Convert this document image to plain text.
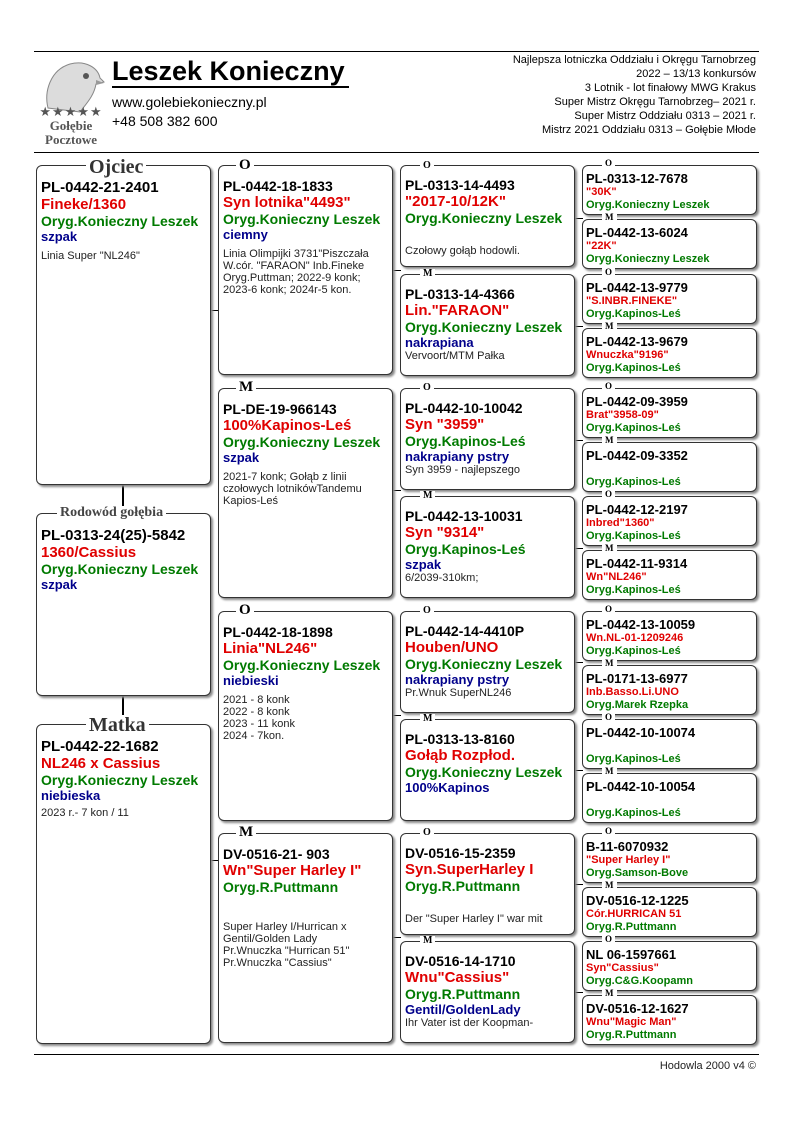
★★★★★
Gołębie
Pocztowe
Leszek Konieczny
www.golebiekonieczny.pl
+48 508 382 600
Najlepsza lotniczka Oddziału i Okręgu Tarnobrzeg
2022 – 13/13 konkursów
3 Lotnik - lot finałowy MWG Krakus
Super Mistrz Okręgu Tarnobrzeg– 2021 r.
Super Mistrz Oddziału 0313 – 2021 r.
Mistrz 2021 Oddziału 0313 – Gołębie Młode
PL-0442-21-2401
Fineke/1360
Oryg.Konieczny Leszek
szpak
Linia Super "NL246"
Ojciec
PL-0313-24(25)-5842
1360/Cassius
Oryg.Konieczny Leszek
szpak
Rodowód gołębia
PL-0442-22-1682
NL246 x Cassius
Oryg.Konieczny Leszek
niebieska
2023 r.- 7 kon / 11
Matka
PL-0442-18-1833
Syn lotnika"4493"
Oryg.Konieczny Leszek
ciemny
Linia Olimpijki 3731"Piszczała
W.cór. "FARAON" Inb.Fineke
Oryg.Puttman; 2022-9 konk;
2023-6 konk; 2024r-5 kon.
O
PL-DE-19-966143
100%Kapinos-Leś
Oryg.Konieczny Leszek
szpak
2021-7 konk; Gołąb z linii
czołowych lotnikówTandemu
Kapios-Leś
M
PL-0442-18-1898
Linia"NL246"
Oryg.Konieczny Leszek
niebieski
2021 - 8 konk
2022 - 8 konk
2023 - 11 konk
2024 - 7kon.
O
DV-0516-21- 903
Wn"Super Harley I"
Oryg.R.Puttmann
Super Harley I/Hurrican x
Gentil/Golden Lady
Pr.Wnuczka "Hurrican 51"
Pr.Wnuczka "Cassius"
M
PL-0313-14-4493
"2017-10/12K"
Oryg.Konieczny Leszek
Czołowy gołąb hodowli.
O
PL-0313-14-4366
Lin."FARAON"
Oryg.Konieczny Leszek
nakrapiana
Vervoort/MTM Pałka
M
PL-0442-10-10042
Syn "3959"
Oryg.Kapinos-Leś
nakrapiany pstry
Syn 3959 - najlepszego
O
PL-0442-13-10031
Syn "9314"
Oryg.Kapinos-Leś
szpak
6/2039-310km;
M
PL-0442-14-4410P
Houben/UNO
Oryg.Konieczny Leszek
nakrapiany pstry
Pr.Wnuk SuperNL246
O
PL-0313-13-8160
Gołąb Rozpłod.
Oryg.Konieczny Leszek
100%Kapinos
M
DV-0516-15-2359
Syn.SuperHarley I
Oryg.R.Puttmann
Der "Super Harley I" war mit
O
DV-0516-14-1710
Wnu"Cassius"
Oryg.R.Puttmann
Gentil/GoldenLady
Ihr Vater ist der Koopman-
M
PL-0313-12-7678
"30K"
Oryg.Konieczny Leszek
O
PL-0442-13-6024
"22K"
Oryg.Konieczny Leszek
M
PL-0442-13-9779
"S.INBR.FINEKE"
Oryg.Kapinos-Leś
O
PL-0442-13-9679
Wnuczka"9196"
Oryg.Kapinos-Leś
M
PL-0442-09-3959
Brat"3958-09"
Oryg.Kapinos-Leś
O
PL-0442-09-3352
Oryg.Kapinos-Leś
M
PL-0442-12-2197
Inbred"1360"
Oryg.Kapinos-Leś
O
PL-0442-11-9314
Wn"NL246"
Oryg.Kapinos-Leś
M
PL-0442-13-10059
Wn.NL-01-1209246
Oryg.Kapinos-Leś
O
PL-0171-13-6977
Inb.Basso.Li.UNO
Oryg.Marek Rzepka
M
PL-0442-10-10074
Oryg.Kapinos-Leś
O
PL-0442-10-10054
Oryg.Kapinos-Leś
M
B-11-6070932
"Super Harley I"
Oryg.Samson-Bove
O
DV-0516-12-1225
Cór.HURRICAN 51
Oryg.R.Puttmann
M
NL 06-1597661
Syn"Cassius"
Oryg.C&G.Koopamn
O
DV-0516-12-1627
Wnu"Magic Man"
Oryg.R.Puttmann
M
Hodowla 2000 v4 ©
